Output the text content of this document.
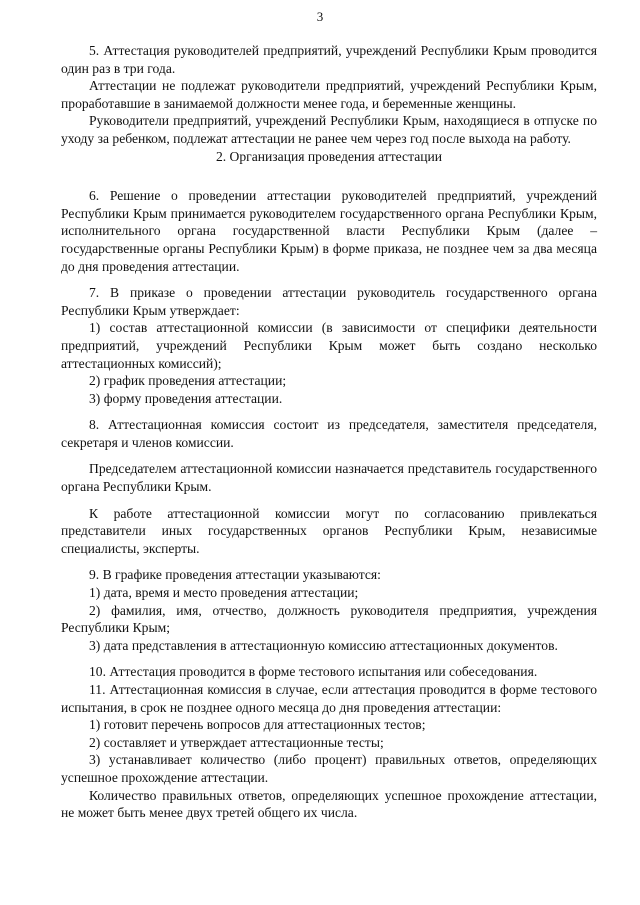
3

5. Аттестация руководителей предприятий, учреждений Республики Крым проводится один раз в три года.

Аттестации не подлежат руководители предприятий, учреждений Республики Крым, проработавшие в занимаемой должности менее года, и беременные женщины.

Руководители предприятий, учреждений Республики Крым, находящиеся в отпуске по уходу за ребенком, подлежат аттестации не ранее чем через год после выхода на работу.

2. Организация проведения аттестации

6. Решение о проведении аттестации руководителей предприятий, учреждений Республики Крым принимается руководителем государственного органа Республики Крым, исполнительного органа государственной власти Республики Крым (далее – государственные органы Республики Крым) в форме приказа, не позднее чем за два месяца до дня проведения аттестации.

7. В приказе о проведении аттестации руководитель государственного органа Республики Крым утверждает:

1) состав аттестационной комиссии (в зависимости от специфики деятельности предприятий, учреждений Республики Крым может быть создано несколько аттестационных комиссий);

2) график проведения аттестации;

3) форму проведения аттестации.

8. Аттестационная комиссия состоит из председателя, заместителя председателя, секретаря и членов комиссии.

Председателем аттестационной комиссии назначается представитель государственного органа Республики Крым.

К работе аттестационной комиссии могут по согласованию привлекаться представители иных государственных органов Республики Крым, независимые специалисты, эксперты.

9. В графике проведения аттестации указываются:

1) дата, время и место проведения аттестации;

2) фамилия, имя, отчество, должность руководителя предприятия, учреждения Республики Крым;

3) дата представления в аттестационную комиссию аттестационных документов.

10. Аттестация проводится в форме тестового испытания или собеседования.

11. Аттестационная комиссия в случае, если аттестация проводится в форме тестового испытания, в срок не позднее одного месяца до дня проведения аттестации:

1) готовит перечень вопросов для аттестационных тестов;

2) составляет и утверждает аттестационные тесты;

3) устанавливает количество (либо процент) правильных ответов, определяющих успешное прохождение аттестации.

Количество правильных ответов, определяющих успешное прохождение аттестации, не может быть менее двух третей общего их числа.
